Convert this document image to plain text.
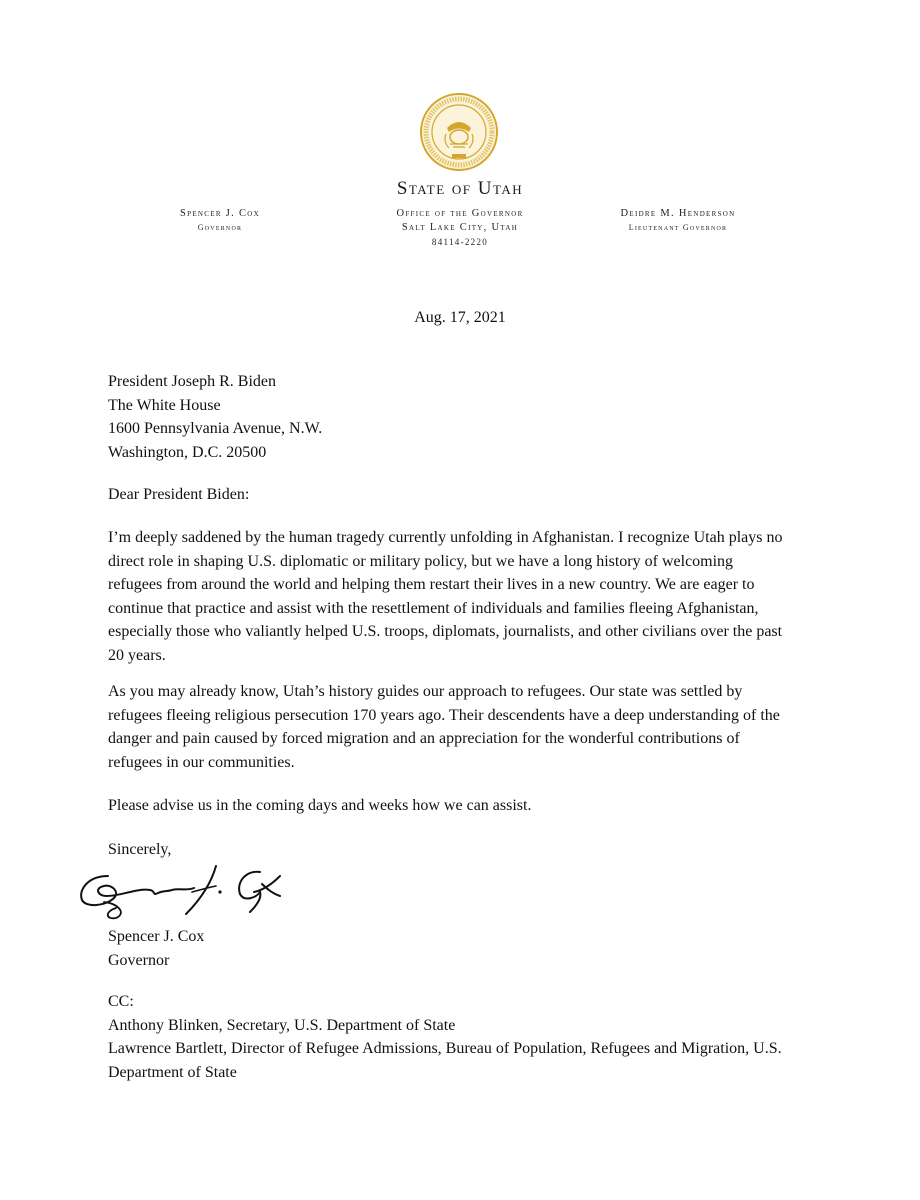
State of Utah
Spencer J. Cox
Governor
Office of the Governor
Salt Lake City, Utah
84114-2220
Deidre M. Henderson
Lieutenant Governor
Aug. 17, 2021
President Joseph R. Biden
The White House
1600 Pennsylvania Avenue, N.W.
Washington, D.C. 20500
Dear President Biden:
I’m deeply saddened by the human tragedy currently unfolding in Afghanistan. I recognize Utah plays no
direct role in shaping U.S. diplomatic or military policy, but we have a long history of welcoming
refugees from around the world and helping them restart their lives in a new country. We are eager to
continue that practice and assist with the resettlement of individuals and families fleeing Afghanistan,
especially those who valiantly helped U.S. troops, diplomats, journalists, and other civilians over the past
20 years.
As you may already know, Utah’s history guides our approach to refugees. Our state was settled by
refugees fleeing religious persecution 170 years ago. Their descendents have a deep understanding of the
danger and pain caused by forced migration and an appreciation for the wonderful contributions of
refugees in our communities.
Please advise us in the coming days and weeks how we can assist.
Sincerely,
Spencer J. Cox
Governor
CC:
Anthony Blinken, Secretary, U.S. Department of State
Lawrence Bartlett, Director of Refugee Admissions, Bureau of Population, Refugees and Migration, U.S.
Department of State
